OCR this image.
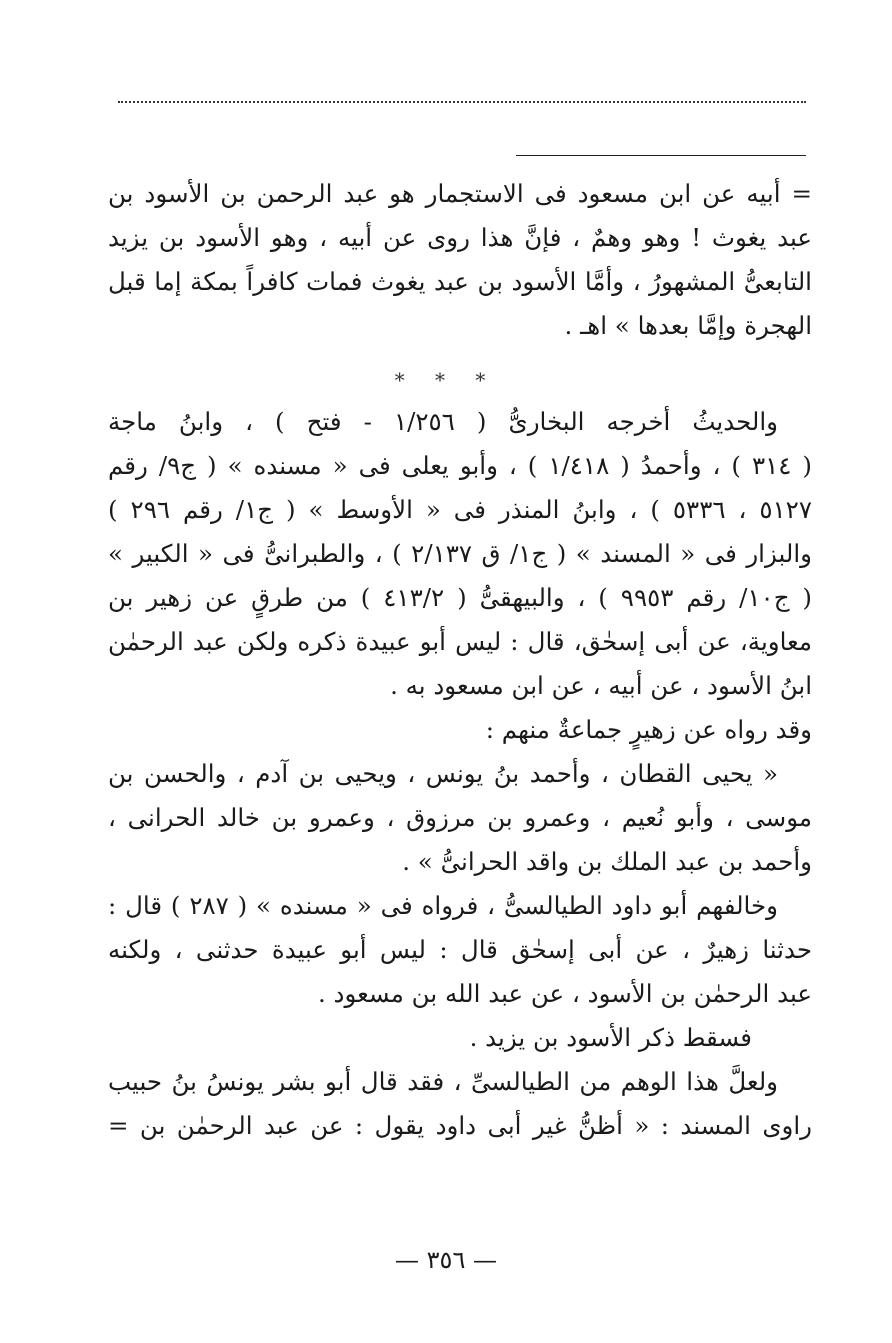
= أبيه عن ابن مسعود فى الاستجمار هو عبد الرحمن بن الأسود بن
عبد يغوث ! وهو وهمٌ ، فإنَّ هذا روى عن أبيه ، وهو الأسود بن يزيد
التابعىُّ المشهورُ ، وأمَّا الأسود بن عبد يغوث فمات كافراً بمكة إما قبل
الهجرة وإمَّا بعدها » اهـ .
* * *
والحديثُ أخرجه البخارىُّ ( ١/٢٥٦ - فتح ) ، وابنُ ماجة
( ٣١٤ ) ، وأحمدُ ( ١/٤١٨ ) ، وأبو يعلى فى « مسنده » ( ج٩/ رقم
٥١٢٧ ، ٥٣٣٦ ) ، وابنُ المنذر فى « الأوسط » ( ج١/ رقم ٢٩٦ )
والبزار فى « المسند » ( ج١/ ق ٢/١٣٧ ) ، والطبرانىُّ فى « الكبير »
( ج١٠/ رقم ٩٩٥٣ ) ، والبيهقىُّ ( ٤١٣/٢ ) من طرقٍ عن زهير بن
معاوية، عن أبى إسحٰق، قال : ليس أبو عبيدة ذكره ولكن عبد الرحمٰن
ابنُ الأسود ، عن أبيه ، عن ابن مسعود به .
وقد رواه عن زهيرٍ جماعةٌ منهم :
« يحيى القطان ، وأحمد بنُ يونس ، ويحيى بن آدم ، والحسن بن
موسى ، وأبو نُعيم ، وعمرو بن مرزوق ، وعمرو بن خالد الحرانى ،
وأحمد بن عبد الملك بن واقد الحرانىُّ » .
وخالفهم أبو داود الطيالسىُّ ، فرواه فى « مسنده » ( ٢٨٧ ) قال :
حدثنا زهيرٌ ، عن أبى إسحٰق قال : ليس أبو عبيدة حدثنى ، ولكنه
عبد الرحمٰن بن الأسود ، عن عبد الله بن مسعود .
فسقط ذكر الأسود بن يزيد .
ولعلَّ هذا الوهم من الطيالسىِّ ، فقد قال أبو بشر يونسُ بنُ حبيب
راوى المسند : « أظنُّ غير أبى داود يقول : عن عبد الرحمٰن بن =
— ٣٥٦ —
